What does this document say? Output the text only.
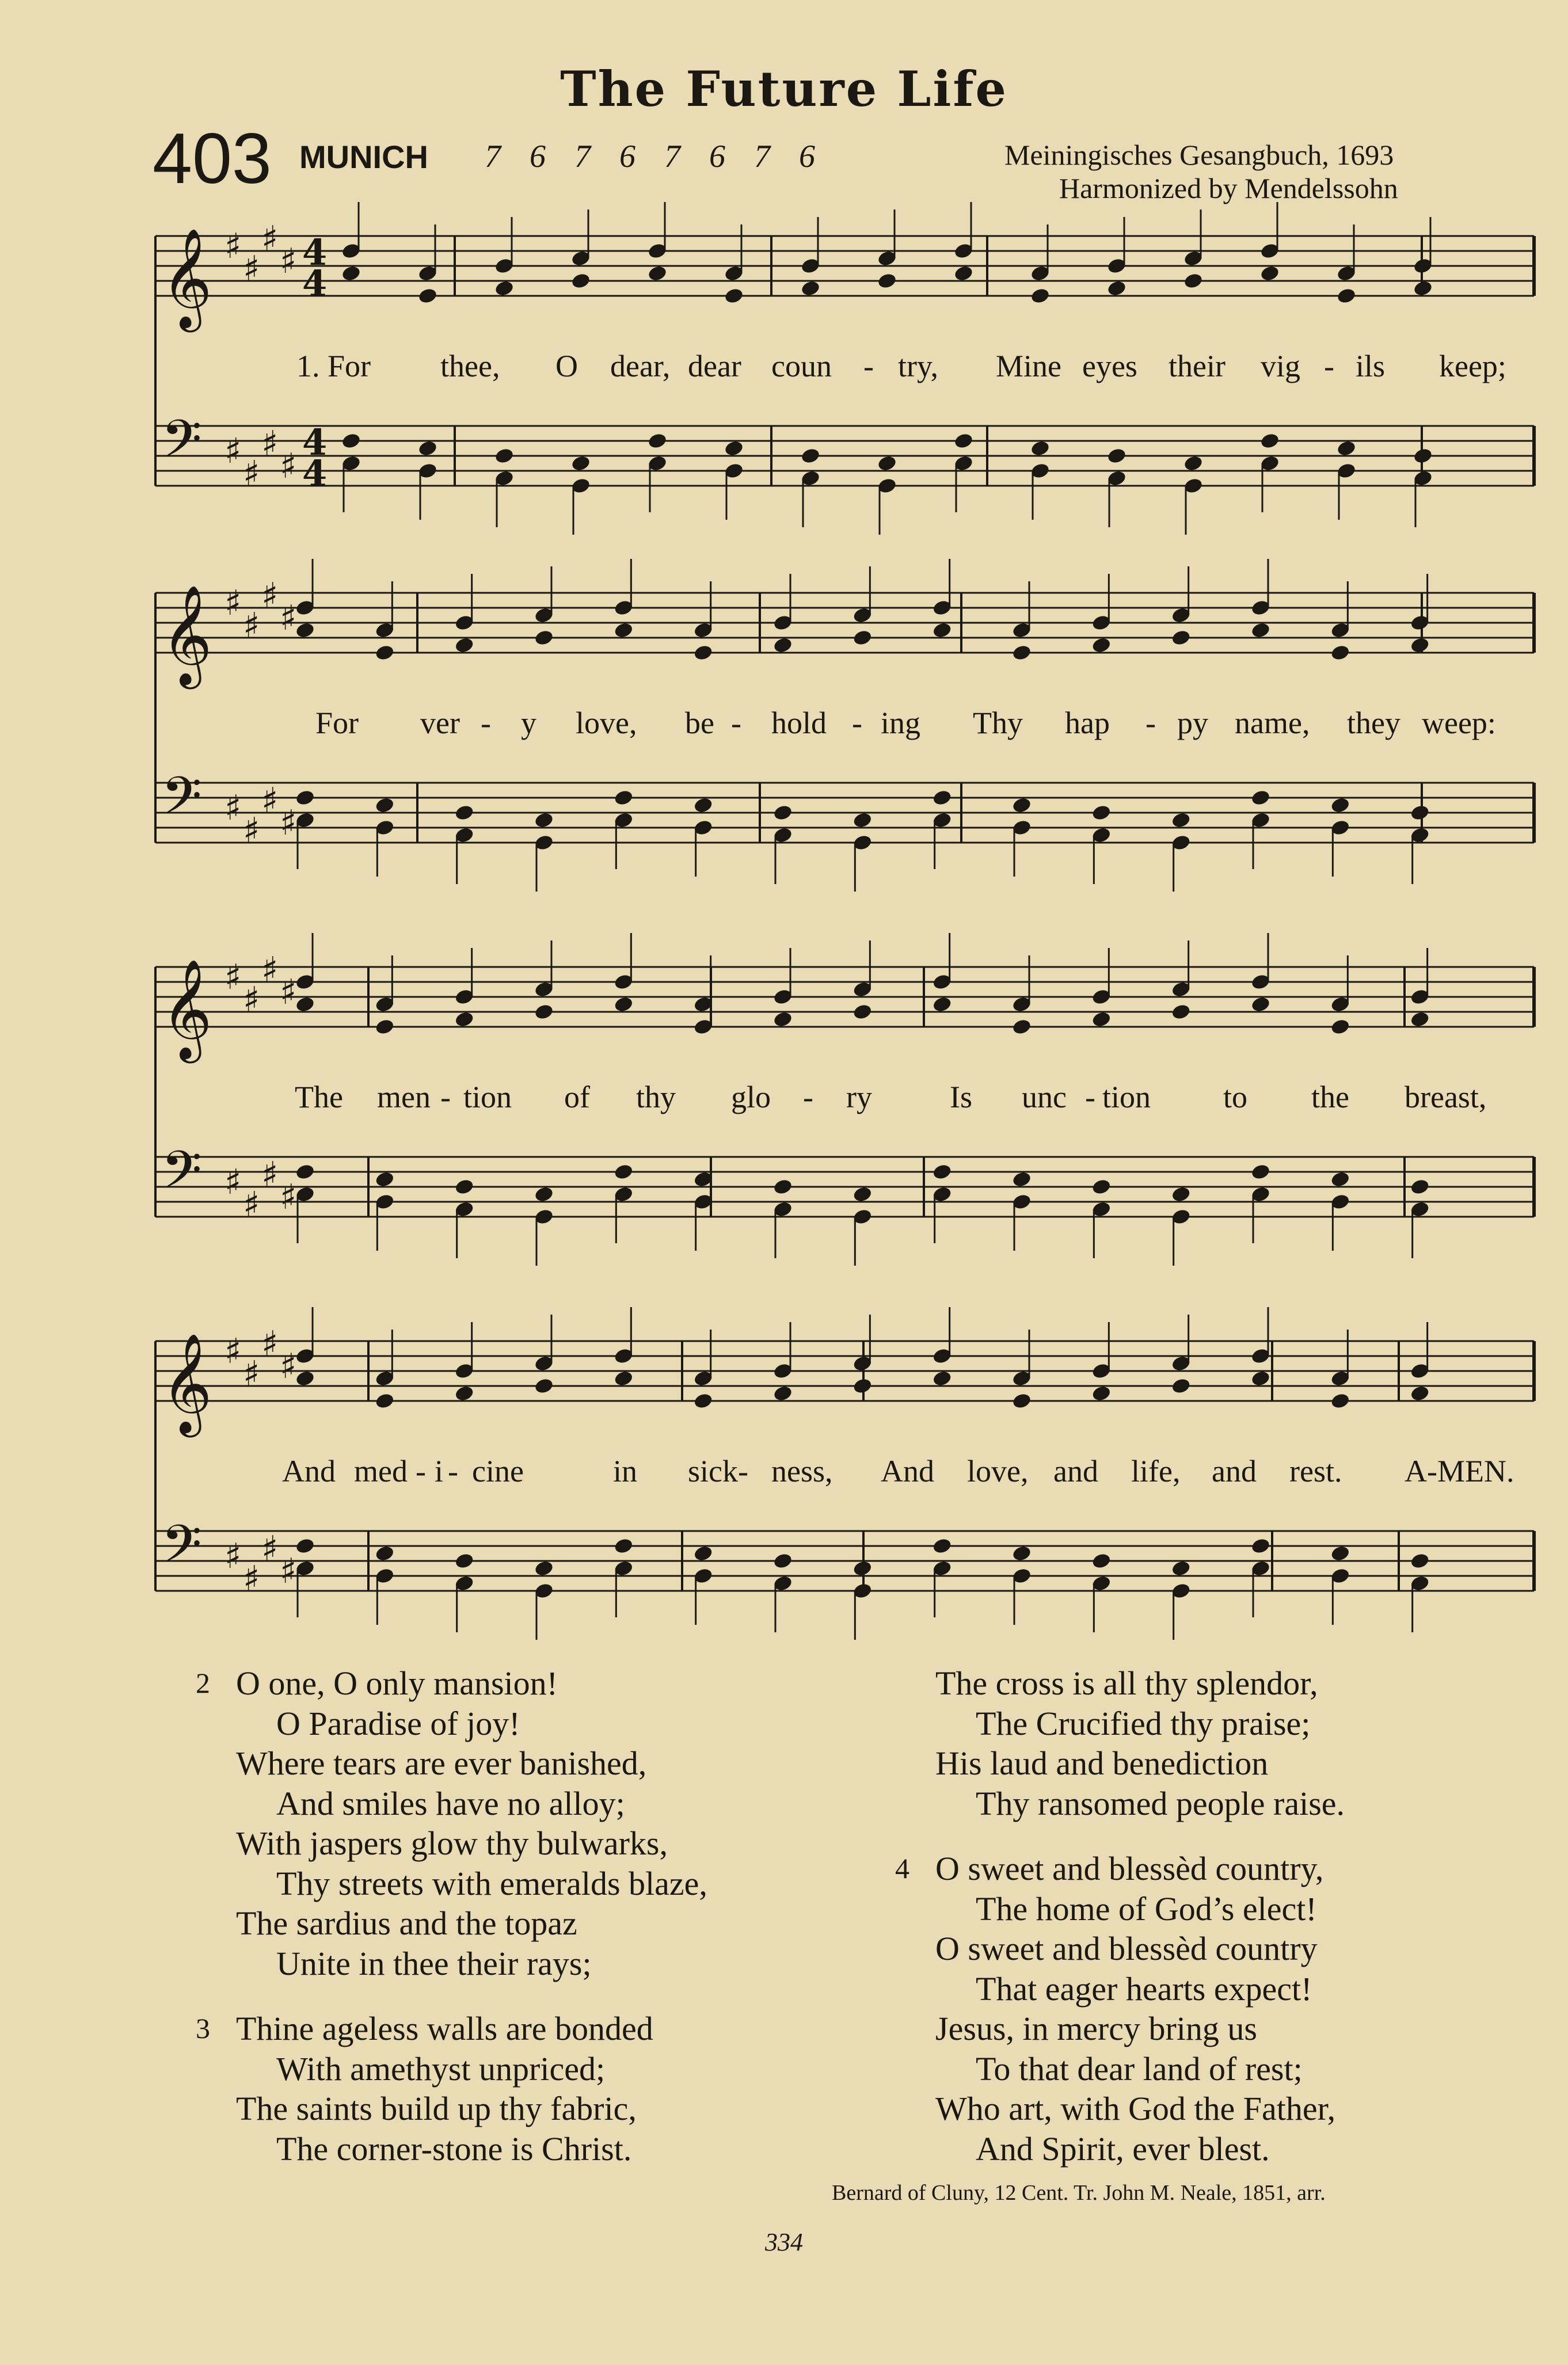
The Future Life
403 MUNICH 7 6 7 6 7 6 7 6	Meiningisches Gesangbuch, 1693
Harmonized by Mendelssohn
𝄞 ♯
♯
♯
♯ 4
4
𝄢 ♯
♯
♯
♯
4
4
𝄞 ♯
♯
♯
♯
𝄢 ♯
♯
♯
♯
𝄞 ♯
♯
♯
♯
𝄢 ♯
♯
♯
♯
𝄞 ♯
♯
♯
♯
𝄢 ♯
♯
♯
♯
1. For thee, O dear, dear coun - try, Mine eyes their vig - ils keep;
For ver - y love, be - hold - ing Thy hap - py name, they weep:
The men - tion of thy glo - ry	Is unc - tion to the breast,
And med - i - cine	in sick- ness, And love, and life, and rest. A-MEN.
2 O one, O only mansion!
O Paradise of joy!
Where tears are ever banished,
And smiles have no alloy;
With jaspers glow thy bulwarks,
Thy streets with emeralds blaze,
The sardius and the topaz
Unite in thee their rays;
3 Thine ageless walls are bonded
With amethyst unpriced;
The saints build up thy fabric,
The corner-stone is Christ.
The cross is all thy splendor,
The Crucified thy praise;
His laud and benediction
Thy ransomed people raise.
4 O sweet and blessèd country,
The home of God’s elect!
O sweet and blessèd country
That eager hearts expect!
Jesus, in mercy bring us
To that dear land of rest;
Who art, with God the Father,
And Spirit, ever blest.
Bernard of Cluny, 12 Cent. Tr. John M. Neale, 1851, arr.
334
